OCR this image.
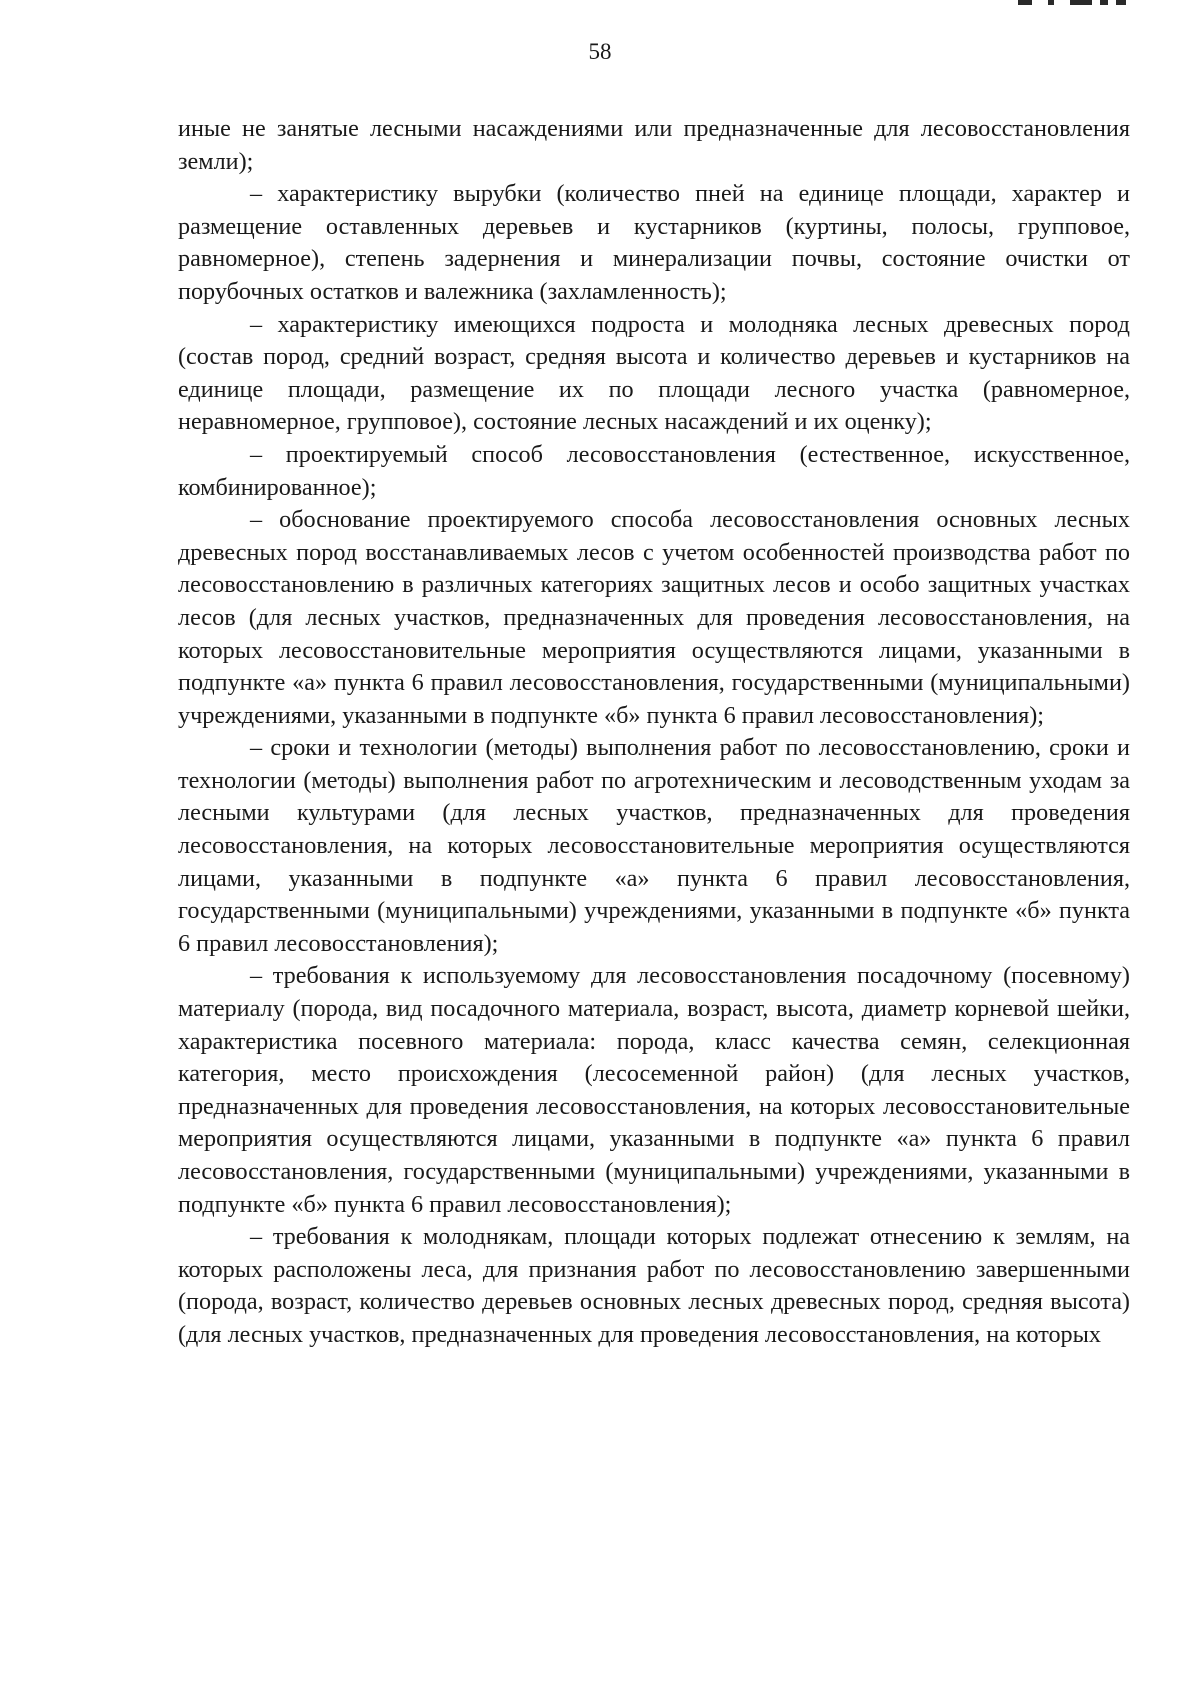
58

иные не занятые лесными насаждениями или предназначенные для лесовосстановления земли);

– характеристику вырубки (количество пней на единице площади, характер и размещение оставленных деревьев и кустарников (куртины, полосы, групповое, равномерное), степень задернения и минерализации почвы, состояние очистки от порубочных остатков и валежника (захламленность);

– характеристику имеющихся подроста и молодняка лесных древесных пород (состав пород, средний возраст, средняя высота и количество деревьев и кустарников на единице площади, размещение их по площади лесного участка (равномерное, неравномерное, групповое), состояние лесных насаждений и их оценку);

– проектируемый способ лесовосстановления (естественное, искусственное, комбинированное);

– обоснование проектируемого способа лесовосстановления основных лесных древесных пород восстанавливаемых лесов с учетом особенностей производства работ по лесовосстановлению в различных категориях защитных лесов и особо защитных участках лесов (для лесных участков, предназначенных для проведения лесовосстановления, на которых лесовосстановительные мероприятия осуществляются лицами, указанными в подпункте «а» пункта 6 правил лесовосстановления, государственными (муниципальными) учреждениями, указанными в подпункте «б» пункта 6 правил лесовосстановления);

– сроки и технологии (методы) выполнения работ по лесовосстановлению, сроки и технологии (методы) выполнения работ по агротехническим и лесоводственным уходам за лесными культурами (для лесных участков, предназначенных для проведения лесовосстановления, на которых лесовосстановительные мероприятия осуществляются лицами, указанными в подпункте «а» пункта 6 правил лесовосстановления, государственными (муниципальными) учреждениями, указанными в подпункте «б» пункта 6 правил лесовосстановления);

– требования к используемому для лесовосстановления посадочному (посевному) материалу (порода, вид посадочного материала, возраст, высота, диаметр корневой шейки, характеристика посевного материала: порода, класс качества семян, селекционная категория, место происхождения (лесосеменной район) (для лесных участков, предназначенных для проведения лесовосстановления, на которых лесовосстановительные мероприятия осуществляются лицами, указанными в подпункте «а» пункта 6 правил лесовосстановления, государственными (муниципальными) учреждениями, указанными в подпункте «б» пункта 6 правил лесовосстановления);

– требования к молоднякам, площади которых подлежат отнесению к землям, на которых расположены леса, для признания работ по лесовосстановлению завершенными (порода, возраст, количество деревьев основных лесных древесных пород, средняя высота) (для лесных участков, предназначенных для проведения лесовосстановления, на которых
